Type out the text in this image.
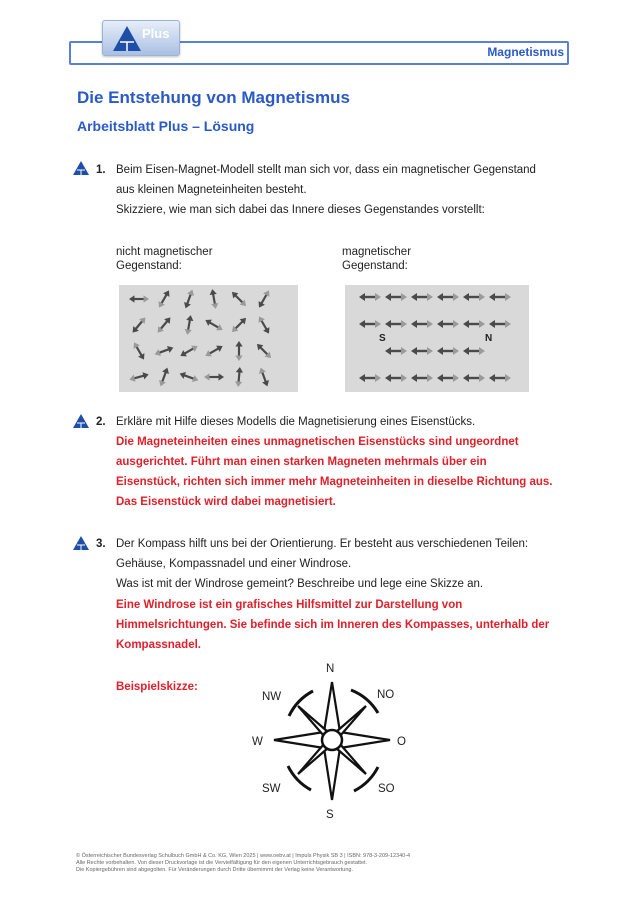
Magnetismus
Plus
Die Entstehung von Magnetismus
Arbeitsblatt Plus – Lösung
1. Beim Eisen-Magnet-Modell stellt man sich vor, dass ein magnetischer Gegenstand
aus kleinen Magneteinheiten besteht.
Skizziere, wie man sich dabei das Innere dieses Gegenstandes vorstellt:
nicht magnetischer
Gegenstand:
magnetischer
Gegenstand:
S	N
2. Erkläre mit Hilfe dieses Modells die Magnetisierung eines Eisenstücks.
Die Magneteinheiten eines unmagnetischen Eisenstücks sind ungeordnet
ausgerichtet. Führt man einen starken Magneten mehrmals über ein
Eisenstück, richten sich immer mehr Magneteinheiten in dieselbe Richtung aus.
Das Eisenstück wird dabei magnetisiert.
3. Der Kompass hilft uns bei der Orientierung. Er besteht aus verschiedenen Teilen:
Gehäuse, Kompassnadel und einer Windrose.
Was ist mit der Windrose gemeint? Beschreibe und lege eine Skizze an.
Eine Windrose ist ein grafisches Hilfsmittel zur Darstellung von
Himmelsrichtungen. Sie befinde sich im Inneren des Kompasses, unterhalb der
Kompassnadel.
Beispielskizze:
N
NO
O
SO
S
SW
W
NW
© Österreichischer Bundesverlag Schulbuch GmbH & Co. KG, Wien 2025 | www.oebv.at | Impuls Physik SB 3 | ISBN: 978-3-209-12340-4
Alle Rechte vorbehalten. Von dieser Druckvorlage ist die Vervielfältigung für den eigenen Unterrichtsgebrauch gestattet.
Die Kopiergebühren sind abgegolten. Für Veränderungen durch Dritte übernimmt der Verlag keine Verantwortung.
